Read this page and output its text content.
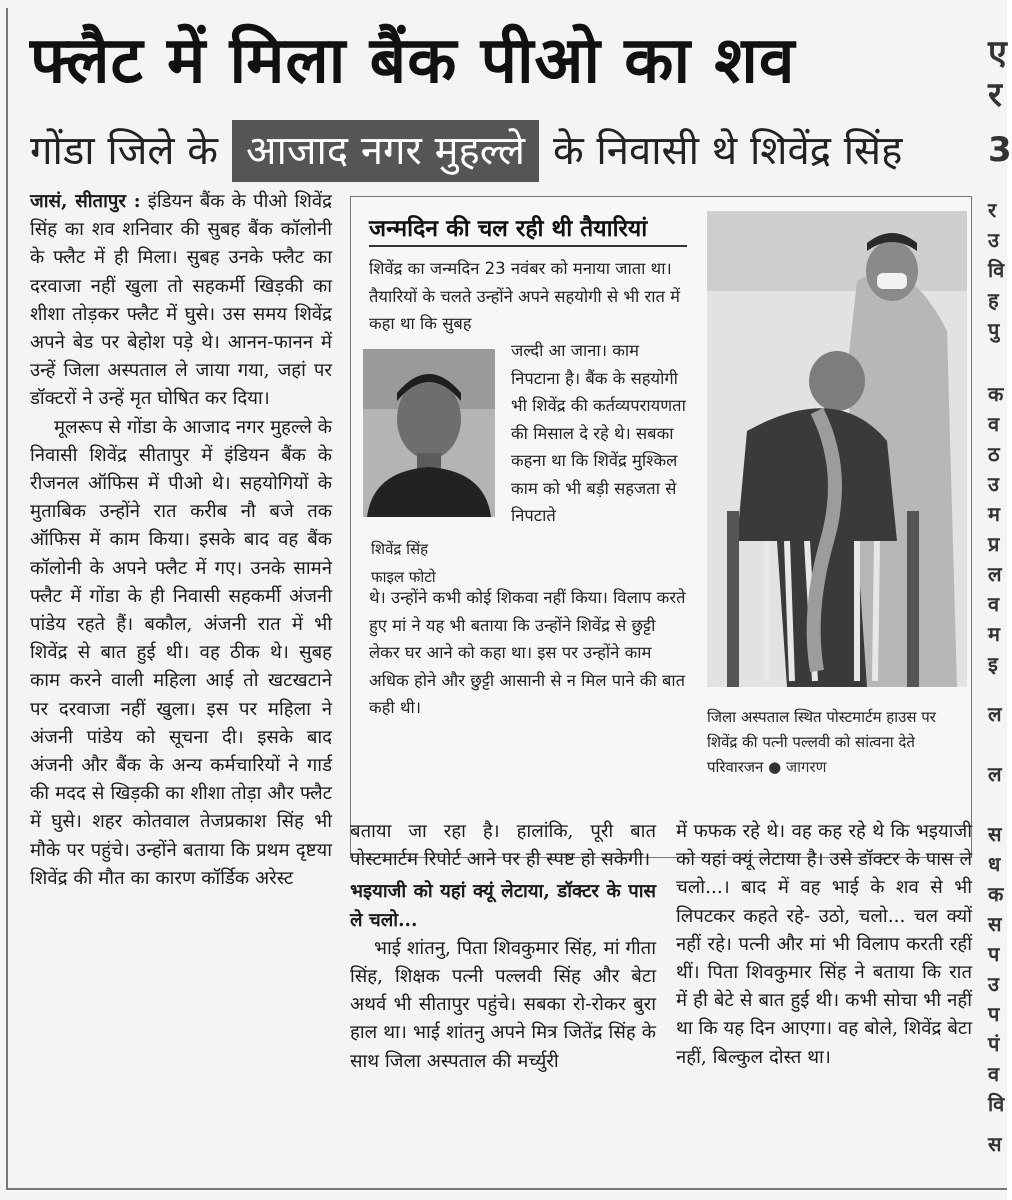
फ्लैट में मिला बैंक पीओ का शव
गोंडा जिले के आजाद नगर मुहल्ले के निवासी थे शिवेंद्र सिंह
जासं, सीतापुर : इंडियन बैंक के पीओ शिवेंद्र सिंह का शव शनिवार की सुबह बैंक कॉलोनी के फ्लैट में ही मिला। सुबह उनके फ्लैट का दरवाजा नहीं खुला तो सहकर्मी खिड़की का शीशा तोड़कर फ्लैट में घुसे। उस समय शिवेंद्र अपने बेड पर बेहोश पड़े थे। आनन-फानन में उन्हें जिला अस्पताल ले जाया गया, जहां पर डॉक्टरों ने उन्हें मृत घोषित कर दिया।
मूलरूप से गोंडा के आजाद नगर मुहल्ले के निवासी शिवेंद्र सीतापुर में इंडियन बैंक के रीजनल ऑफिस में पीओ थे। सहयोगियों के मुताबिक उन्होंने रात करीब नौ बजे तक ऑफिस में काम किया। इसके बाद वह बैंक कॉलोनी के अपने फ्लैट में गए। उनके सामने फ्लैट में गोंडा के ही निवासी सहकर्मी अंजनी पांडेय रहते हैं। बकौल, अंजनी रात में भी शिवेंद्र से बात हुई थी। वह ठीक थे। सुबह काम करने वाली महिला आई तो खटखटाने पर दरवाजा नहीं खुला। इस पर महिला ने अंजनी पांडेय को सूचना दी। इसके बाद अंजनी और बैंक के अन्य कर्मचारियों ने गार्ड की मदद से खिड़की का शीशा तोड़ा और फ्लैट में घुसे। शहर कोतवाल तेजप्रकाश सिंह भी मौके पर पहुंचे। उन्होंने बताया कि प्रथम दृष्टया शिवेंद्र की मौत का कारण कॉर्डिक अरेस्ट
जन्मदिन की चल रही थी तैयारियां
शिवेंद्र का जन्मदिन 23 नवंबर को मनाया जाता था। तैयारियों के चलते उन्होंने अपने सहयोगी से भी रात में कहा था कि सुबह
शिवेंद्र सिंह
फाइल फोटो
जल्दी आ जाना। काम निपटाना है। बैंक के सहयोगी भी शिवेंद्र की कर्तव्यपरायणता की मिसाल दे रहे थे। सबका कहना था कि शिवेंद्र मुश्किल काम को भी बड़ी सहजता से निपटाते
थे। उन्होंने कभी कोई शिकवा नहीं किया। विलाप करते हुए मां ने यह भी बताया कि उन्होंने शिवेंद्र से छुट्टी लेकर घर आने को कहा था। इस पर उन्होंने काम अधिक होने और छुट्टी आसानी से न मिल पाने की बात कही थी।	जिला अस्पताल स्थित पोस्टमार्टम हाउस पर शिवेंद्र की पत्नी पल्लवी को सांत्वना देते परिवारजन ● जागरण
बताया जा रहा है। हालांकि, पूरी बात पोस्टमार्टम रिपोर्ट आने पर ही स्पष्ट हो सकेगी।
भइयाजी को यहां क्यूं लेटाया, डॉक्टर के पास ले चलो...
भाई शांतनु, पिता शिवकुमार सिंह, मां गीता सिंह, शिक्षक पत्नी पल्लवी सिंह और बेटा अथर्व भी सीतापुर पहुंचे। सबका रो-रोकर बुरा हाल था। भाई शांतनु अपने मित्र जितेंद्र सिंह के साथ जिला अस्पताल की मर्च्युरी
में फफक रहे थे। वह कह रहे थे कि भइयाजी को यहां क्यूं लेटाया है। उसे डॉक्टर के पास ले चलो...। बाद में वह भाई के शव से भी लिपटकर कहते रहे- उठो, चलो... चल क्यों नहीं रहे। पत्नी और मां भी विलाप करती रहीं थीं। पिता शिवकुमार सिंह ने बताया कि रात में ही बेटे से बात हुई थी। कभी सोचा भी नहीं था कि यह दिन आएगा। वह बोले, शिवेंद्र बेटा नहीं, बिल्कुल दोस्त था।
ए
र
3
र
उ
वि
ह
पु
क
व
ठ
उ
म
प्र
ल
व
म
इ
ल
ल
स
ध
क
स
प
उ
प
पं
व
वि
स
